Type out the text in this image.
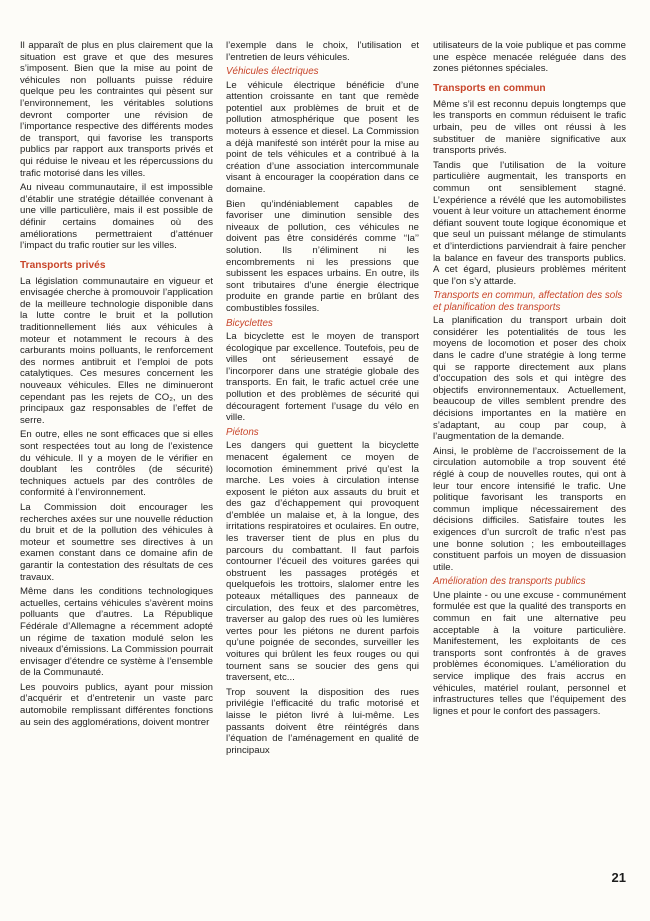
Il apparaît de plus en plus clairement que la situation est grave et que des mesures s’imposent. Bien que la mise au point de véhicules non polluants puisse réduire quelque peu les contraintes qui pèsent sur l’environnement, les véritables solutions devront comporter une révision de l’importance respective des différents modes de transport, qui favorise les transports publics par rapport aux transports privés et qui réduise le niveau et les répercussions du trafic motorisé dans les villes.

Au niveau communautaire, il est impossible d’établir une stratégie détaillée convenant à une ville particulière, mais il est possible de définir certains domaines où des améliorations permettraient d’atténuer l’impact du trafic routier sur les villes.

Transports privés

La législation communautaire en vigueur et envisagée cherche à promouvoir l’application de la meilleure technologie disponible dans la lutte contre le bruit et la pollution traditionnellement liés aux véhicules à moteur et notamment le recours à des carburants moins polluants, le renforcement des normes antibruit et l’emploi de pots catalytiques. Ces mesures concernent les nouveaux véhicules. Elles ne diminueront cependant pas les rejets de CO₂, un des principaux gaz responsables de l’effet de serre.

En outre, elles ne sont efficaces que si elles sont respectées tout au long de l’existence du véhicule. Il y a moyen de le vérifier en doublant les contrôles (de sécurité) techniques actuels par des contrôles de conformité à l’environnement.

La Commission doit encourager les recherches axées sur une nouvelle réduction du bruit et de la pollution des véhicules à moteur et soumettre ses directives à un examen constant dans ce domaine afin de garantir la contestation des résultats de ces travaux.

Même dans les conditions technologiques actuelles, certains véhicules s’avèrent moins polluants que d’autres. La République Fédérale d’Allemagne a récemment adopté un régime de taxation modulé selon les niveaux d’émissions. La Commission pourrait envisager d’étendre ce système à l’ensemble de la Communauté.

Les pouvoirs publics, ayant pour mission d’acquérir et d’entretenir un vaste parc automobile remplissant différentes fonctions au sein des agglomérations, doivent montrer

l’exemple dans le choix, l’utilisation et l’entretien de leurs véhicules.

Véhicules électriques

Le véhicule électrique bénéficie d’une attention croissante en tant que remède potentiel aux problèmes de bruit et de pollution atmosphérique que posent les moteurs à essence et diesel. La Commission a déjà manifesté son intérêt pour la mise au point de tels véhicules et a contribué à la création d’une association intercommunale visant à encourager la coopération dans ce domaine.

Bien qu’indéniablement capables de favoriser une diminution sensible des niveaux de pollution, ces véhicules ne doivent pas être considérés comme ‘‘la’’ solution. Ils n’éliminent ni les encombrements ni les pressions que subissent les espaces urbains. En outre, ils sont tributaires d’une énergie électrique produite en grande partie en brûlant des combustibles fossiles.

Bicyclettes

La bicyclette est le moyen de transport écologique par excellence. Toutefois, peu de villes ont sérieusement essayé de l’incorporer dans une stratégie globale des transports. En fait, le trafic actuel crée une pollution et des problèmes de sécurité qui découragent fortement l’usage du vélo en ville.

Piétons

Les dangers qui guettent la bicyclette menacent également ce moyen de locomotion éminemment privé qu’est la marche. Les voies à circulation intense exposent le piéton aux assauts du bruit et des gaz d’échappement qui provoquent d’emblée un malaise et, à la longue, des irritations respiratoires et oculaires. En outre, les traverser tient de plus en plus du parcours du combattant. Il faut parfois contourner l’écueil des voitures garées qui obstruent les passages protégés et quelquefois les trottoirs, slalomer entre les poteaux métalliques des panneaux de circulation, des feux et des parcomètres, traverser au galop des rues où les lumières vertes pour les piétons ne durent parfois qu’une poignée de secondes, surveiller les voitures qui brûlent les feux rouges ou qui tournent sans se soucier des gens qui traversent, etc...

Trop souvent la disposition des rues privilégie l’efficacité du trafic motorisé et laisse le piéton livré à lui-même. Les passants doivent être réintégrés dans l’équation de l’aménagement en qualité de principaux

utilisateurs de la voie publique et pas comme une espèce menacée reléguée dans des zones piétonnes spéciales.

Transports en commun

Même s’il est reconnu depuis longtemps que les transports en commun réduisent le trafic urbain, peu de villes ont réussi à les substituer de manière significative aux transports privés.

Tandis que l’utilisation de la voiture particulière augmentait, les transports en commun ont sensiblement stagné. L’expérience a révélé que les automobilistes vouent à leur voiture un attachement énorme défiant souvent toute logique économique et que seul un puissant mélange de stimulants et d’interdictions parviendrait à faire pencher la balance en faveur des transports publics. A cet égard, plusieurs problèmes méritent que l’on s’y attarde.

Transports en commun, affectation des sols et planification des transports

La planification du transport urbain doit considérer les potentialités de tous les moyens de locomotion et poser des choix dans le cadre d’une stratégie à long terme qui se rapporte directement aux plans d’occupation des sols et qui intègre des objectifs environnementaux. Actuellement, beaucoup de villes semblent prendre des décisions importantes en la matière en s’adaptant, au coup par coup, à l’augmentation de la demande.

Ainsi, le problème de l’accroissement de la circulation automobile a trop souvent été réglé à coup de nouvelles routes, qui ont à leur tour encore intensifié le trafic. Une politique favorisant les transports en commun implique nécessairement des décisions difficiles. Satisfaire toutes les exigences d’un surcroît de trafic n’est pas une bonne solution ; les embouteillages constituent parfois un moyen de dissuasion utile.

Amélioration des transports publics

Une plainte - ou une excuse - communément formulée est que la qualité des transports en commun en fait une alternative peu acceptable à la voiture particulière. Manifestement, les exploitants de ces transports sont confrontés à de graves problèmes économiques. L’amélioration du service implique des frais accrus en véhicules, matériel roulant, personnel et infrastructures telles que l’équipement des lignes et pour le confort des passagers.

21
